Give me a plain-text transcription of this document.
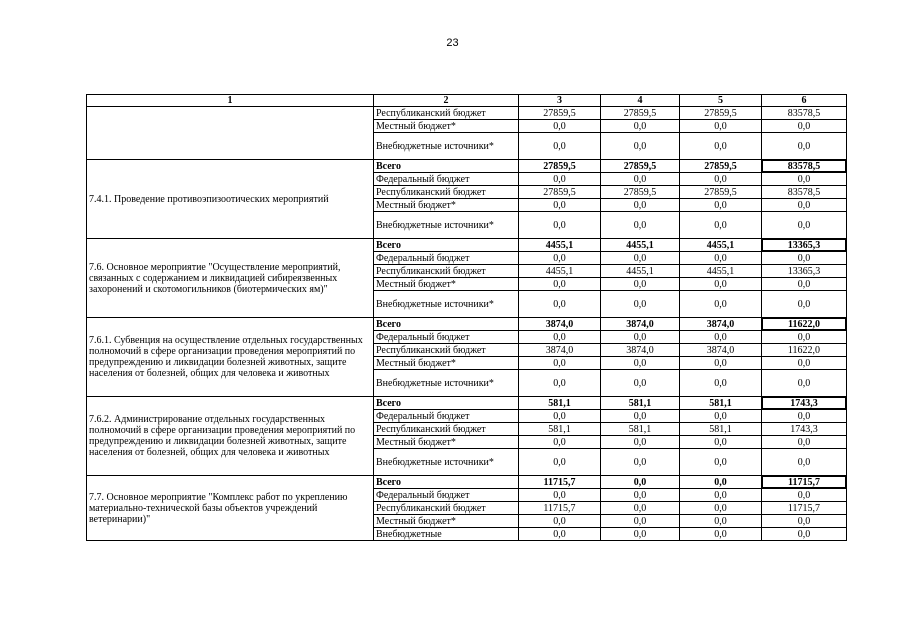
23
1	2	3	4	5	6
	Республиканский бюджет	27859,5	27859,5	27859,5	83578,5
	Местный бюджет*	0,0	0,0	0,0	0,0
	Внебюджетные источники*	0,0	0,0	0,0	0,0
7.4.1. Проведение противоэпизоотических мероприятий	Всего	27859,5	27859,5	27859,5	83578,5
	Федеральный бюджет	0,0	0,0	0,0	0,0
	Республиканский бюджет	27859,5	27859,5	27859,5	83578,5
	Местный бюджет*	0,0	0,0	0,0	0,0
	Внебюджетные источники*	0,0	0,0	0,0	0,0
7.6. Основное мероприятие "Осуществление мероприятий, связанных с содержанием и ликвидацией сибиреязвенных захоронений и скотомогильников (биотермических ям)"	Всего	4455,1	4455,1	4455,1	13365,3
	Федеральный бюджет	0,0	0,0	0,0	0,0
	Республиканский бюджет	4455,1	4455,1	4455,1	13365,3
	Местный бюджет*	0,0	0,0	0,0	0,0
	Внебюджетные источники*	0,0	0,0	0,0	0,0
7.6.1. Субвенция на осуществление отдельных государственных полномочий в сфере организации проведения мероприятий по предупреждению и ликвидации болезней животных, защите населения от болезней, общих для человека и животных	Всего	3874,0	3874,0	3874,0	11622,0
	Федеральный бюджет	0,0	0,0	0,0	0,0
	Республиканский бюджет	3874,0	3874,0	3874,0	11622,0
	Местный бюджет*	0,0	0,0	0,0	0,0
	Внебюджетные источники*	0,0	0,0	0,0	0,0
7.6.2. Администрирование отдельных государственных полномочий в сфере организации проведения мероприятий по предупреждению и ликвидации болезней животных, защите населения от болезней, общих для человека и животных	Всего	581,1	581,1	581,1	1743,3
	Федеральный бюджет	0,0	0,0	0,0	0,0
	Республиканский бюджет	581,1	581,1	581,1	1743,3
	Местный бюджет*	0,0	0,0	0,0	0,0
	Внебюджетные источники*	0,0	0,0	0,0	0,0
7.7. Основное мероприятие "Комплекс работ по укреплению материально-технической базы объектов учреждений ветеринарии)"	Всего	11715,7	0,0	0,0	11715,7
	Федеральный бюджет	0,0	0,0	0,0	0,0
	Республиканский бюджет	11715,7	0,0	0,0	11715,7
	Местный бюджет*	0,0	0,0	0,0	0,0
	Внебюджетные	0,0	0,0	0,0	0,0
